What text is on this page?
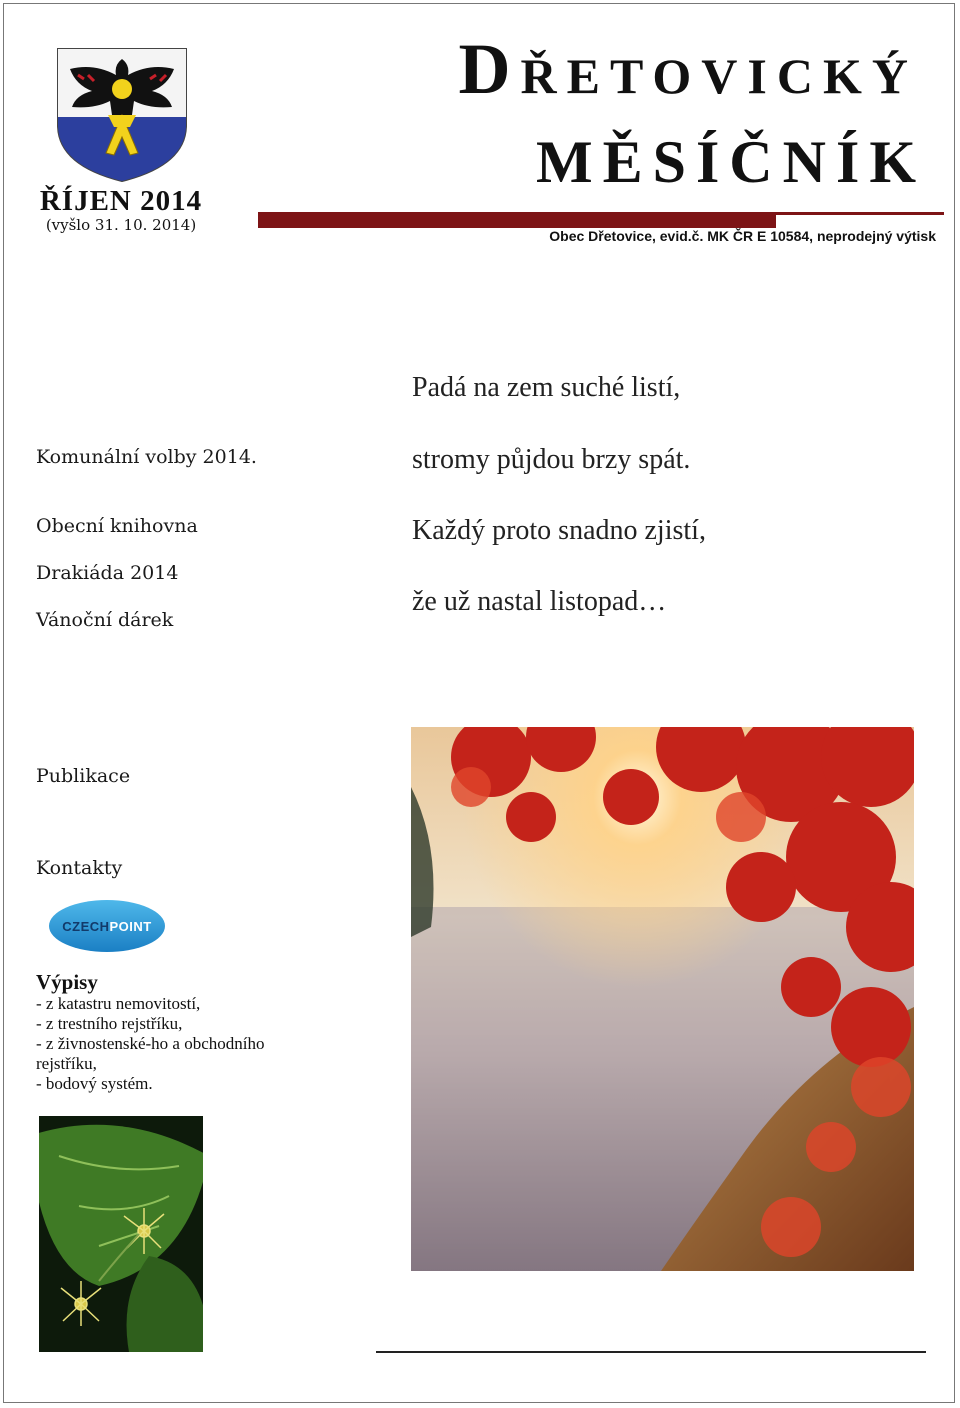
ŘÍJEN 2014
(vyšlo 31. 10. 2014)
DŘETOVICKÝ
MĚSÍČNÍK
Obec Dřetovice, evid.č. MK ČR E 10584, neprodejný výtisk
Komunální volby 2014.
Obecní knihovna
Drakiáda 2014
Vánoční dárek
Publikace
Kontakty
Padá na zem suché listí,
stromy půjdou brzy spát.
Každý proto snadno zjistí,
že už nastal listopad…
CZECHPOINT
Výpisy
- z katastru nemovitostí,
- z trestního rejstříku,
- z živnostenské-ho a obchodního
rejstříku,
- bodový systém.
